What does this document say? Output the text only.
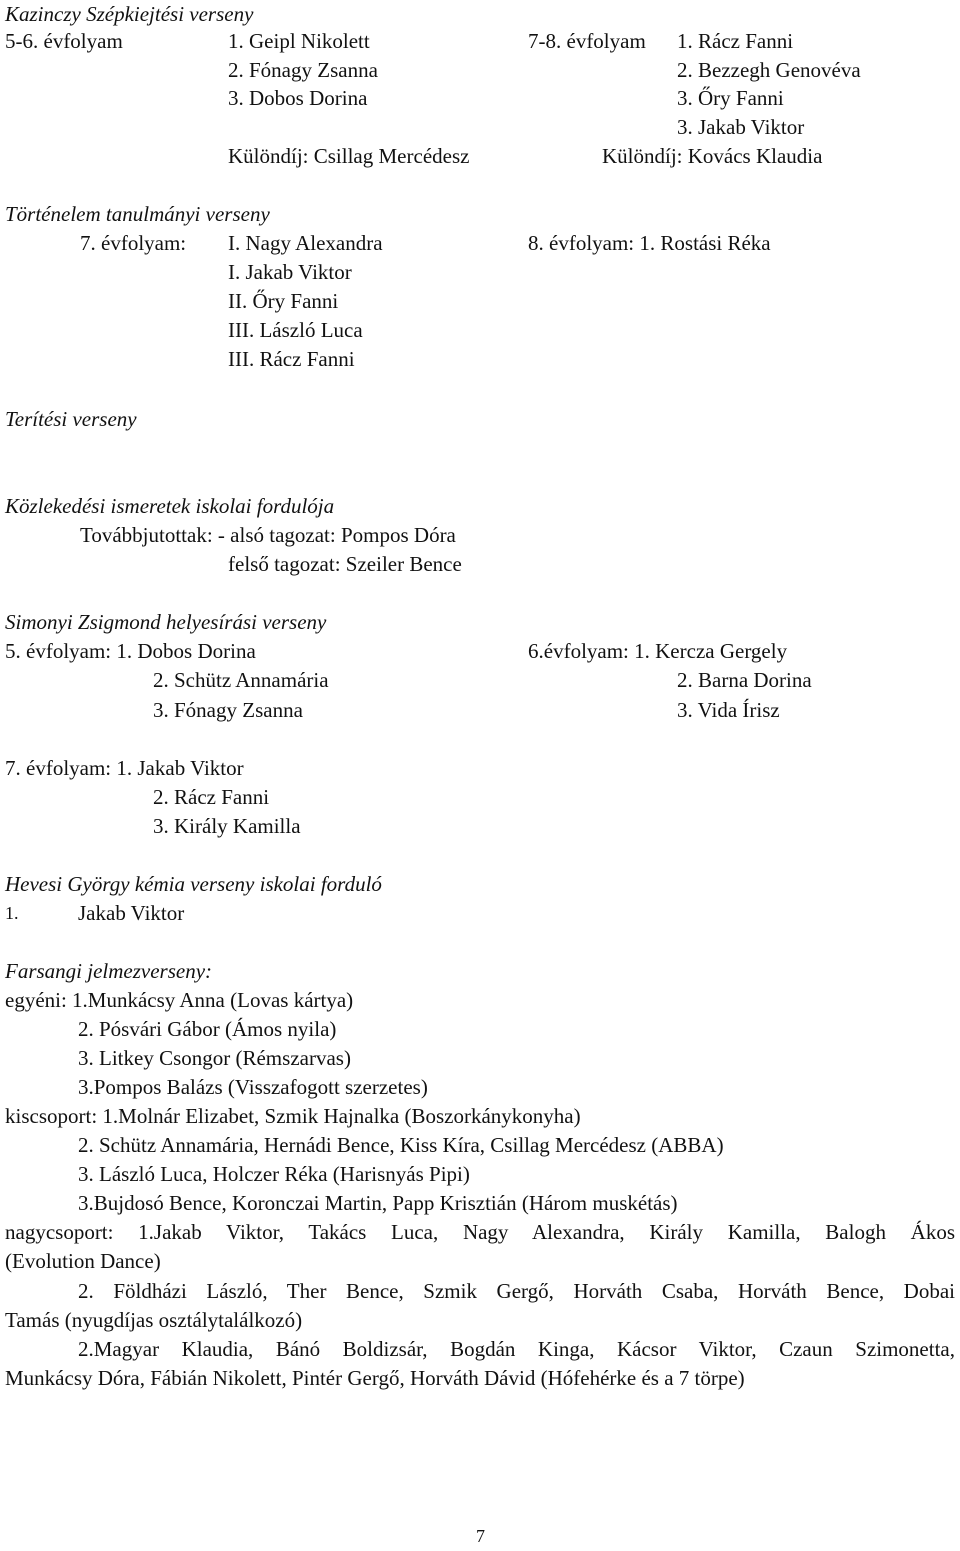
Kazinczy Szépkiejtési verseny
5-6. évfolyam	1. Geipl Nikolett
2. Fónagy Zsanna
3. Dobos Dorina
Különdíj: Csillag Mercédesz
7-8. évfolyam 1. Rácz Fanni
2. Bezzegh Genovéva
3. Őry Fanni
3. Jakab Viktor
Különdíj: Kovács Klaudia
Történelem tanulmányi verseny
7. évfolyam: I. Nagy Alexandra
I. Jakab Viktor
II. Őry Fanni
III. László Luca
III. Rácz Fanni
8. évfolyam: 1. Rostási Réka
Terítési verseny
Közlekedési ismeretek iskolai fordulója
Továbbjutottak: - alsó tagozat: Pompos Dóra
felső tagozat: Szeiler Bence
Simonyi Zsigmond helyesírási verseny
5. évfolyam: 1. Dobos Dorina
2. Schütz Annamária
3. Fónagy Zsanna
6.évfolyam: 1. Kercza Gergely
2. Barna Dorina
3. Vida Írisz
7. évfolyam: 1. Jakab Viktor
2. Rácz Fanni
3. Király Kamilla
Hevesi György kémia verseny iskolai forduló
1.	Jakab Viktor
Farsangi jelmezverseny:
egyéni: 1.Munkácsy Anna (Lovas kártya)
2. Pósvári Gábor (Ámos nyila)
3. Litkey Csongor (Rémszarvas)
3.Pompos Balázs (Visszafogott szerzetes)
kiscsoport: 1.Molnár Elizabet, Szmik Hajnalka (Boszorkánykonyha)
2. Schütz Annamária, Hernádi Bence, Kiss Kíra, Csillag Mercédesz (ABBA)
3. László Luca, Holczer Réka (Harisnyás Pipi)
3.Bujdosó Bence, Koronczai Martin, Papp Krisztián (Három muskétás)
nagycsoport: 1.Jakab Viktor, Takács Luca, Nagy Alexandra, Király Kamilla, Balogh Ákos
(Evolution Dance)
2. Földházi László, Ther Bence, Szmik Gergő, Horváth Csaba, Horváth Bence, Dobai
Tamás (nyugdíjas osztálytalálkozó)
2.Magyar Klaudia, Bánó Boldizsár, Bogdán Kinga, Kácsor Viktor, Czaun Szimonetta,
Munkácsy Dóra, Fábián Nikolett, Pintér Gergő, Horváth Dávid (Hófehérke és a 7 törpe)
7
